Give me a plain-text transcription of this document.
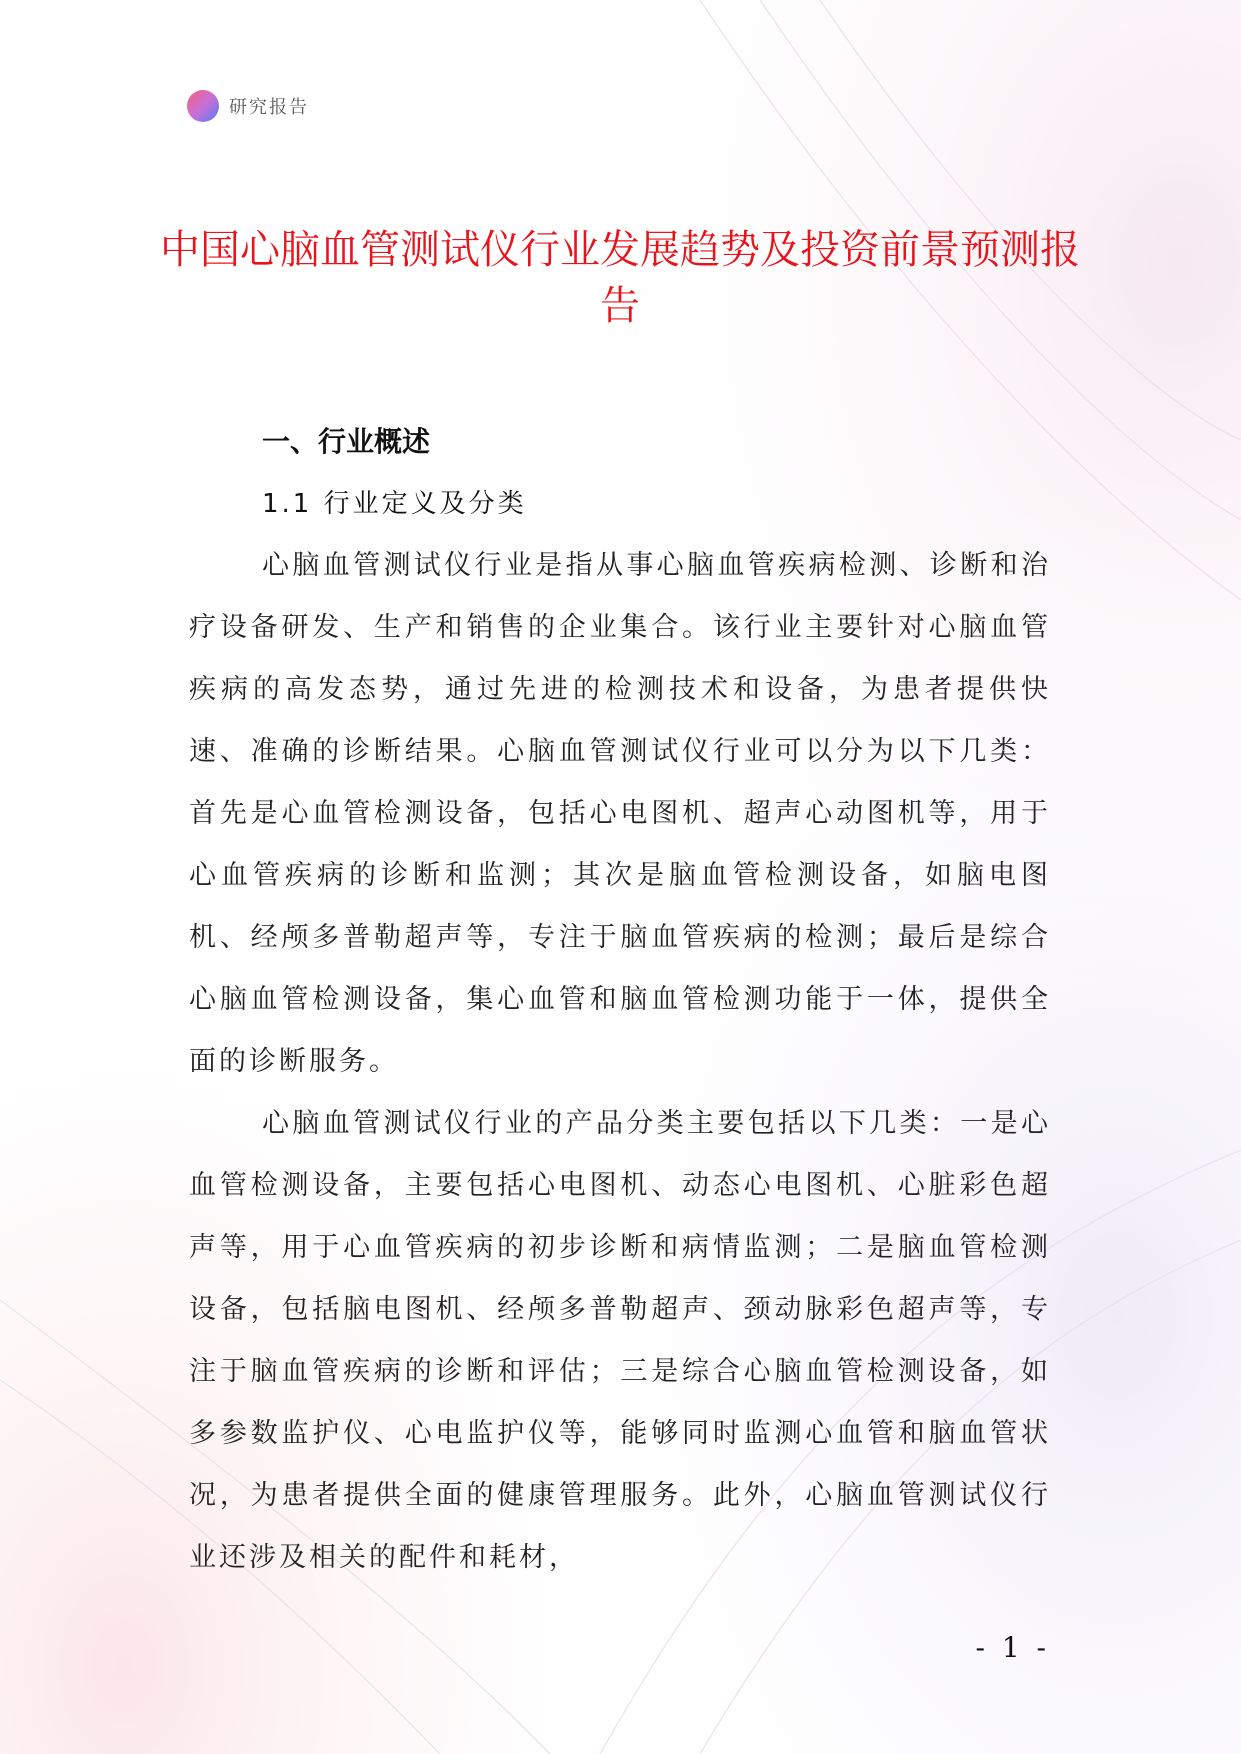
研究报告
中国心脑血管测试仪行业发展趋势及投资前景预测报告
一、行业概述
1.1 行业定义及分类

心脑血管测试仪行业是指从事心脑血管疾病检测、诊断和治疗设备研发、生产和销售的企业集合。该行业主要针对心脑血管疾病的高发态势，通过先进的检测技术和设备，为患者提供快速、准确的诊断结果。心脑血管测试仪行业可以分为以下几类：首先是心血管检测设备，包括心电图机、超声心动图机等，用于心血管疾病的诊断和监测；其次是脑血管检测设备，如脑电图机、经颅多普勒超声等，专注于脑血管疾病的检测；最后是综合心脑血管检测设备，集心血管和脑血管检测功能于一体，提供全面的诊断服务。

心脑血管测试仪行业的产品分类主要包括以下几类：一是心血管检测设备，主要包括心电图机、动态心电图机、心脏彩色超声等，用于心血管疾病的初步诊断和病情监测；二是脑血管检测设备，包括脑电图机、经颅多普勒超声、颈动脉彩色超声等，专注于脑血管疾病的诊断和评估；三是综合心脑血管检测设备，如多参数监护仪、心电监护仪等，能够同时监测心血管和脑血管状况，为患者提供全面的健康管理服务。此外，心脑血管测试仪行业还涉及相关的配件和耗材，

- 1 -
